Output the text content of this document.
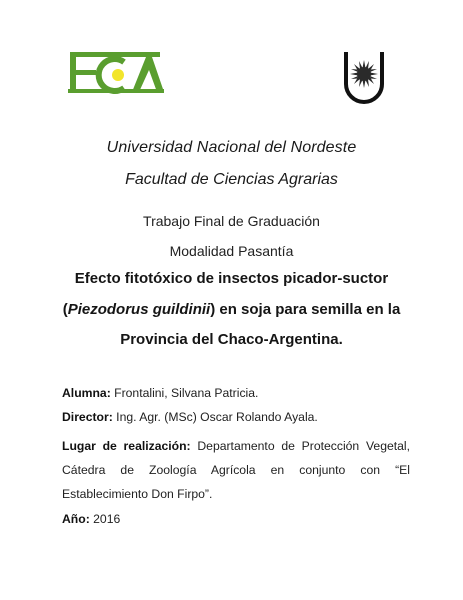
Universidad Nacional del Nordeste
Facultad de Ciencias Agrarias
Trabajo Final de Graduación
Modalidad Pasantía
Efecto fitotóxico de insectos picador-suctor
(Piezodorus guildinii) en soja para semilla en la
Provincia del Chaco-Argentina.
Alumna: Frontalini, Silvana Patricia.
Director: Ing. Agr. (MSc) Oscar Rolando Ayala.
Lugar de realización: Departamento de Protección Vegetal, Cátedra de Zoología Agrícola en conjunto con “El Establecimiento Don Firpo”.
Año: 2016
